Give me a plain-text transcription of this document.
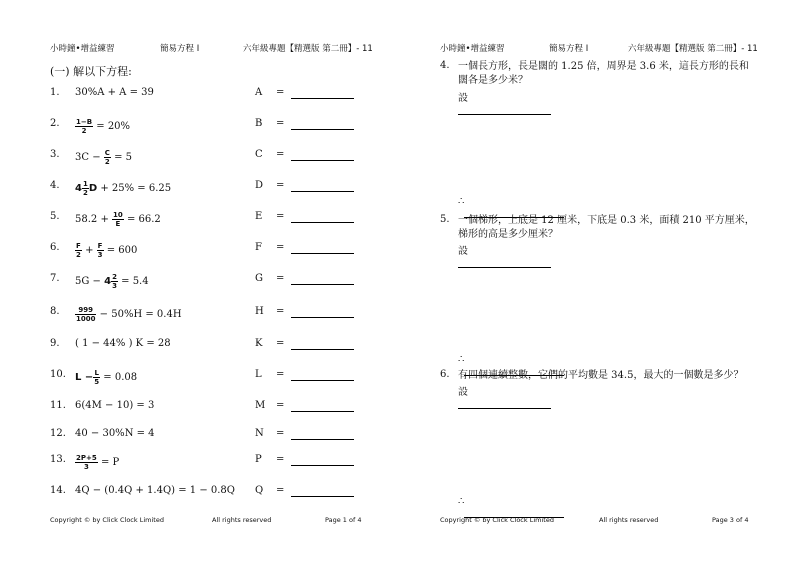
小時鐘•增益練習	簡易方程 I	六年級專題【精選版 第二冊】- 11
(一) 解以下方程:
1. 30%A + A = 39	A =
2. $\frac{1-B}{2} = 20\%$	B =
3. $3C - \frac{C}{2} = 5$	C =
4. $4 \frac{1}{2}$ D + 25% = 6.25	D =
5. $58.2 + \frac{10}{E} = 66.2$	E =
6. $\frac{F}{2} + \frac{F}{3} = 600$	F =
7. $5G - 4 \frac{2}{3} = 5.4$	G =
8. $\frac{999}{1000} - 50\%H = 0.4H$	H =
9. ( 1 − 44% ) K = 28	K =
10. $L - \frac{L}{5} = 0.08$	L =
11. 6(4M − 10) = 3	M =
12. 40 − 30%N = 4	N =
13. $\frac{2P+5}{3} = P$	P =
14. 4Q − (0.4Q + 1.4Q) = 1 − 0.8Q Q =
Copyright © by Click Clock Limited	All rights reserved	Page 1 of 4
小時鐘•增益練習	簡易方程 I	六年級專題【精選版 第二冊】- 11
4. 一個長方形，長是闊的 1.25 倍，周界是 3.6 米，這長方形的長和闊各是多少米？
設
∴
5. 一個梯形，上底是 12 厘米，下底是 0.3 米，面積 210 平方厘米，梯形的高是多少厘米？
設
∴
6. 有四個連續整數，它們的平均數是 34.5，最大的一個數是多少？
設
∴
Copyright © by Click Clock Limited	All rights reserved	Page 3 of 4
